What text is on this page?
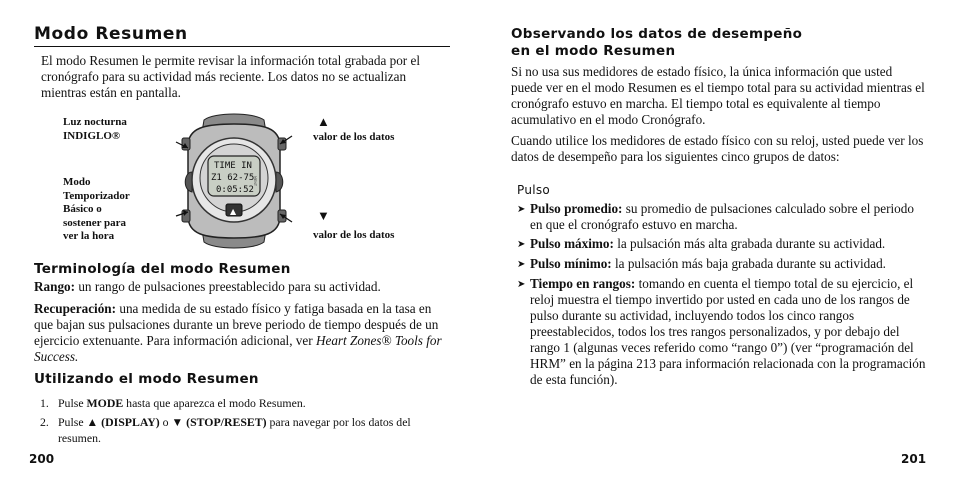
Modo Resumen
El modo Resumen le permite revisar la información total grabada por el cronógrafo para su actividad más reciente. Los datos no se actualizan mientras están en pantalla.
Luz nocturna
INDIGLO®
Modo
Temporizador
Básico o
sostener para
ver la hora
▲
valor de los datos
▼
valor de los datos
TIME IN
Z1 62-75
0:05:52
MENT
▲
Terminología del modo Resumen
Rango: un rango de pulsaciones preestablecido para su actividad.
Recuperación: una medida de su estado físico y fatiga basada en la tasa en que bajan sus pulsaciones durante un breve periodo de tiempo después de un ejercicio extenuante. Para información adicional, ver Heart Zones® Tools for Success.
Utilizando el modo Resumen
1. Pulse MODE hasta que aparezca el modo Resumen.
2. Pulse ▲ (DISPLAY) o ▼ (STOP/RESET) para navegar por los datos del resumen.
200
Observando los datos de desempeño
en el modo Resumen
Si no usa sus medidores de estado físico, la única información que usted puede ver en el modo Resumen es el tiempo total para su actividad mientras el cronógrafo estuvo en marcha. El tiempo total es equivalente al tiempo acumulativo en el modo Cronógrafo.
Cuando utilice los medidores de estado físico con su reloj, usted puede ver los datos de desempeño para los siguientes cinco grupos de datos:
Pulso
➤ Pulso promedio: su promedio de pulsaciones calculado sobre el periodo en que el cronógrafo estuvo en marcha.
➤ Pulso máximo: la pulsación más alta grabada durante su actividad.
➤ Pulso mínimo: la pulsación más baja grabada durante su actividad.
➤ Tiempo en rangos: tomando en cuenta el tiempo total de su ejercicio, el reloj muestra el tiempo invertido por usted en cada uno de los rangos de pulso durante su actividad, incluyendo todos los cinco rangos preestablecidos, todos los tres rangos personalizados, y por debajo del rango 1 (algunas veces referido como “rango 0”) (ver “programación del HRM” en la página 213 para información relacionada con la programación de esta función).
201
